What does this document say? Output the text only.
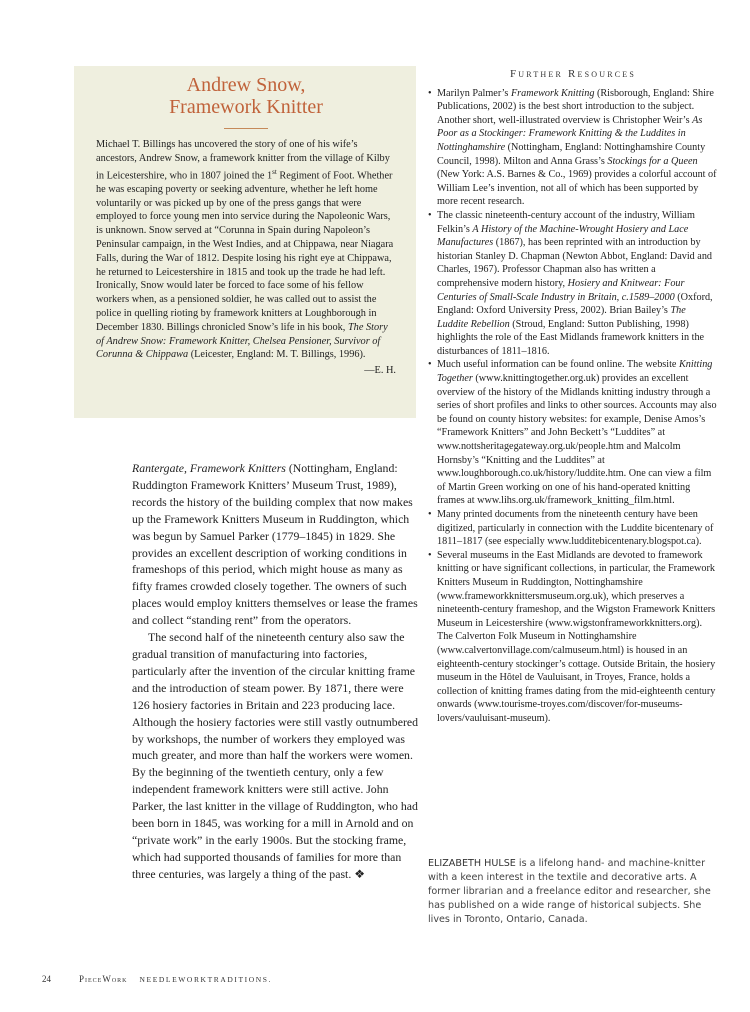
Andrew Snow,
Framework Knitter

Michael T. Billings has uncovered the story of one of his wife’s ancestors, Andrew Snow, a framework knitter from the village of Kilby in Leicestershire, who in 1807 joined the 1st Regiment of Foot. Whether he was escaping poverty or seeking adventure, whether he left home voluntarily or was picked up by one of the press gangs that were employed to force young men into service during the Napoleonic Wars, is unknown. Snow served at “Corunna in Spain during Napoleon’s Peninsular campaign, in the West Indies, and at Chippawa, near Niagara Falls, during the War of 1812. Despite losing his right eye at Chippawa, he returned to Leicestershire in 1815 and took up the trade he had left. Ironically, Snow would later be forced to face some of his fellow workers when, as a pensioned soldier, he was called out to assist the police in quelling rioting by framework knitters at Loughborough in December 1830. Billings chronicled Snow’s life in his book, The Story of Andrew Snow: Framework Knitter, Chelsea Pensioner, Survivor of Corunna & Chippawa (Leicester, England: M. T. Billings, 1996).

—E. H.

Rantergate, Framework Knitters (Nottingham, England: Ruddington Framework Knitters’ Museum Trust, 1989), records the history of the building complex that now makes up the Framework Knitters Museum in Ruddington, which was begun by Samuel Parker (1779–1845) in 1829. She provides an excellent description of working conditions in frameshops of this period, which might house as many as fifty frames crowded closely together. The owners of such places would employ knitters themselves or lease the frames and collect “standing rent” from the operators.

The second half of the nineteenth century also saw the gradual transition of manufacturing into factories, particularly after the invention of the circular knitting frame and the introduction of steam power. By 1871, there were 126 hosiery factories in Britain and 223 producing lace. Although the hosiery factories were still vastly outnumbered by workshops, the number of workers they employed was much greater, and more than half the workers were women. By the beginning of the twentieth century, only a few independent framework knitters were still active. John Parker, the last knitter in the village of Ruddington, who had been born in 1845, was working for a mill in Arnold and on “private work” in the early 1900s. But the stocking frame, which had supported thousands of families for more than three centuries, was largely a thing of the past. ❖

Further Resources
• Marilyn Palmer’s Framework Knitting (Risborough, England: Shire Publications, 2002) is the best short introduction to the subject. Another short, well-illustrated overview is Christopher Weir’s As Poor as a Stockinger: Framework Knitting & the Luddites in Nottinghamshire (Nottingham, England: Nottinghamshire County Council, 1998). Milton and Anna Grass’s Stockings for a Queen (New York: A.S. Barnes & Co., 1969) provides a colorful account of William Lee’s invention, not all of which has been supported by more recent research.
• The classic nineteenth-century account of the industry, William Felkin’s A History of the Machine-Wrought Hosiery and Lace Manufactures (1867), has been reprinted with an introduction by historian Stanley D. Chapman (Newton Abbot, England: David and Charles, 1967). Professor Chapman also has written a comprehensive modern history, Hosiery and Knitwear: Four Centuries of Small-Scale Industry in Britain, c.1589–2000 (Oxford, England: Oxford University Press, 2002). Brian Bailey’s The Luddite Rebellion (Stroud, England: Sutton Publishing, 1998) highlights the role of the East Midlands framework knitters in the disturbances of 1811–1816.
• Much useful information can be found online. The website Knitting Together (www.knittingtogether.org.uk) provides an excellent overview of the history of the Midlands knitting industry through a series of short profiles and links to other sources. Accounts may also be found on county history websites: for example, Denise Amos’s “Framework Knitters” and John Beckett’s “Luddites” at www.nottsheritagegateway.org.uk/people.htm and Malcolm Hornsby’s “Knitting and the Luddites” at www.loughborough.co.uk/history/luddite.htm. One can view a film of Martin Green working on one of his hand-operated knitting frames at www.lihs.org.uk/framework_knitting_film.html.
• Many printed documents from the nineteenth century have been digitized, particularly in connection with the Luddite bicentenary of 1811–1817 (see especially www.ludditebicentenary.blogspot.ca).
• Several museums in the East Midlands are devoted to framework knitting or have significant collections, in particular, the Framework Knitters Museum in Ruddington, Nottinghamshire (www.frameworkknittersmuseum.org.uk), which preserves a nineteenth-century frameshop, and the Wigston Framework Knitters Museum in Leicestershire (www.wigstonframeworkknitters.org). The Calverton Folk Museum in Nottinghamshire (www.calvertonvillage.com/calmuseum.html) is housed in an eighteenth-century stockinger’s cottage. Outside Britain, the hosiery museum in the Hôtel de Vauluisant, in Troyes, France, holds a collection of knitting frames dating from the mid-eighteenth century onwards (www.tourisme-troyes.com/discover/for-museums-lovers/vauluisant-museum).
ELIZABETH HULSE is a lifelong hand- and machine-knitter with a keen interest in the textile and decorative arts. A former librarian and a freelance editor and researcher, she has published on a wide range of historical subjects. She lives in Toronto, Ontario, Canada.
24	PieceWork NEEDLEWORKTRADITIONS.
